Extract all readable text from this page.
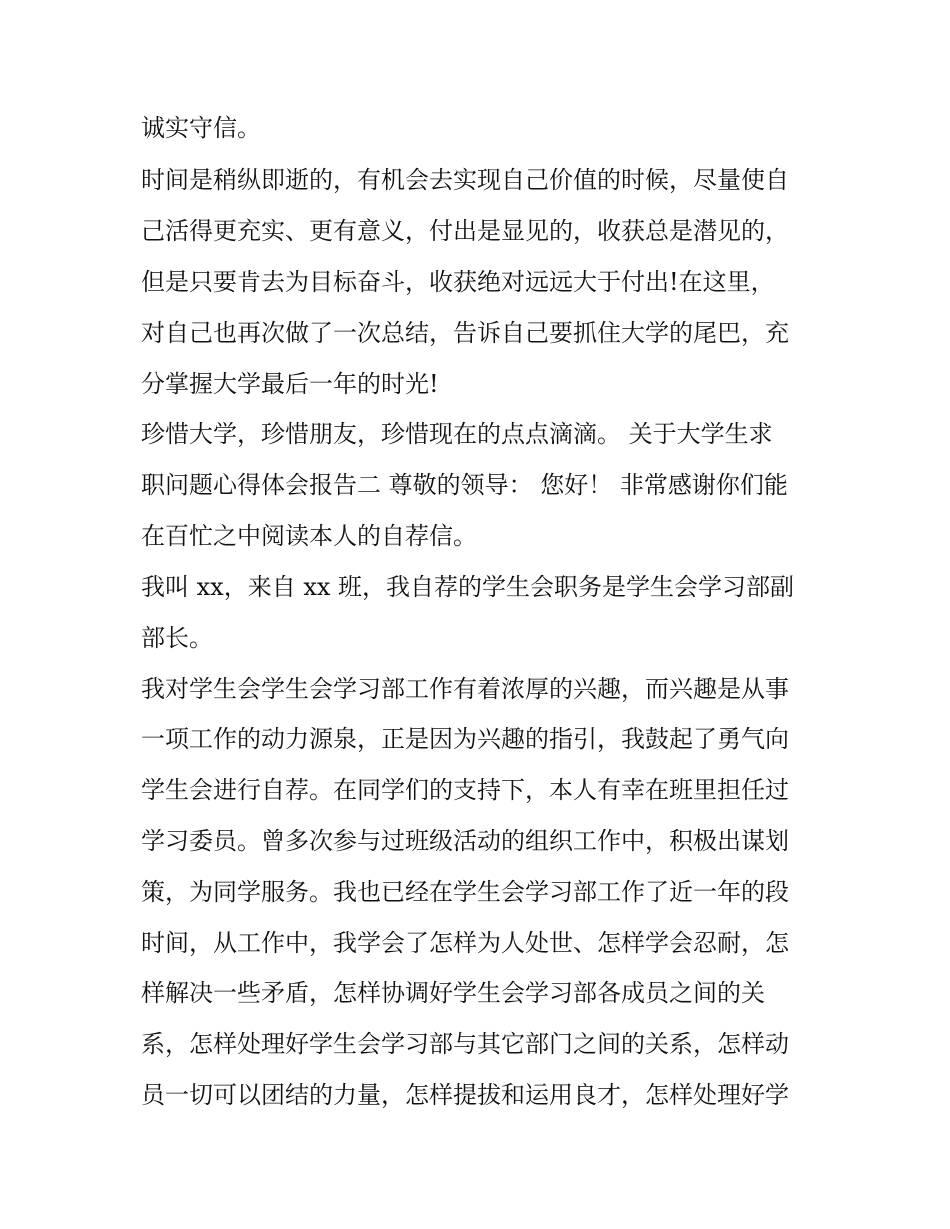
诚实守信。

时间是稍纵即逝的，有机会去实现自己价值的时候，尽量使自

己活得更充实、更有意义，付出是显见的，收获总是潜见的，

但是只要肯去为目标奋斗，收获绝对远远大于付出!在这里，

对自己也再次做了一次总结，告诉自己要抓住大学的尾巴，充

分掌握大学最后一年的时光!

珍惜大学，珍惜朋友，珍惜现在的点点滴滴。 关于大学生求

职问题心得体会报告二 尊敬的领导： 您好！ 非常感谢你们能

在百忙之中阅读本人的自荐信。

我叫 xx，来自 xx 班，我自荐的学生会职务是学生会学习部副

部长。

我对学生会学生会学习部工作有着浓厚的兴趣，而兴趣是从事

一项工作的动力源泉，正是因为兴趣的指引，我鼓起了勇气向

学生会进行自荐。在同学们的支持下，本人有幸在班里担任过

学习委员。曾多次参与过班级活动的组织工作中，积极出谋划

策，为同学服务。我也已经在学生会学习部工作了近一年的段

时间，从工作中，我学会了怎样为人处世、怎样学会忍耐，怎

样解决一些矛盾，怎样协调好学生会学习部各成员之间的关

系，怎样处理好学生会学习部与其它部门之间的关系，怎样动

员一切可以团结的力量，怎样提拔和运用良才，怎样处理好学
